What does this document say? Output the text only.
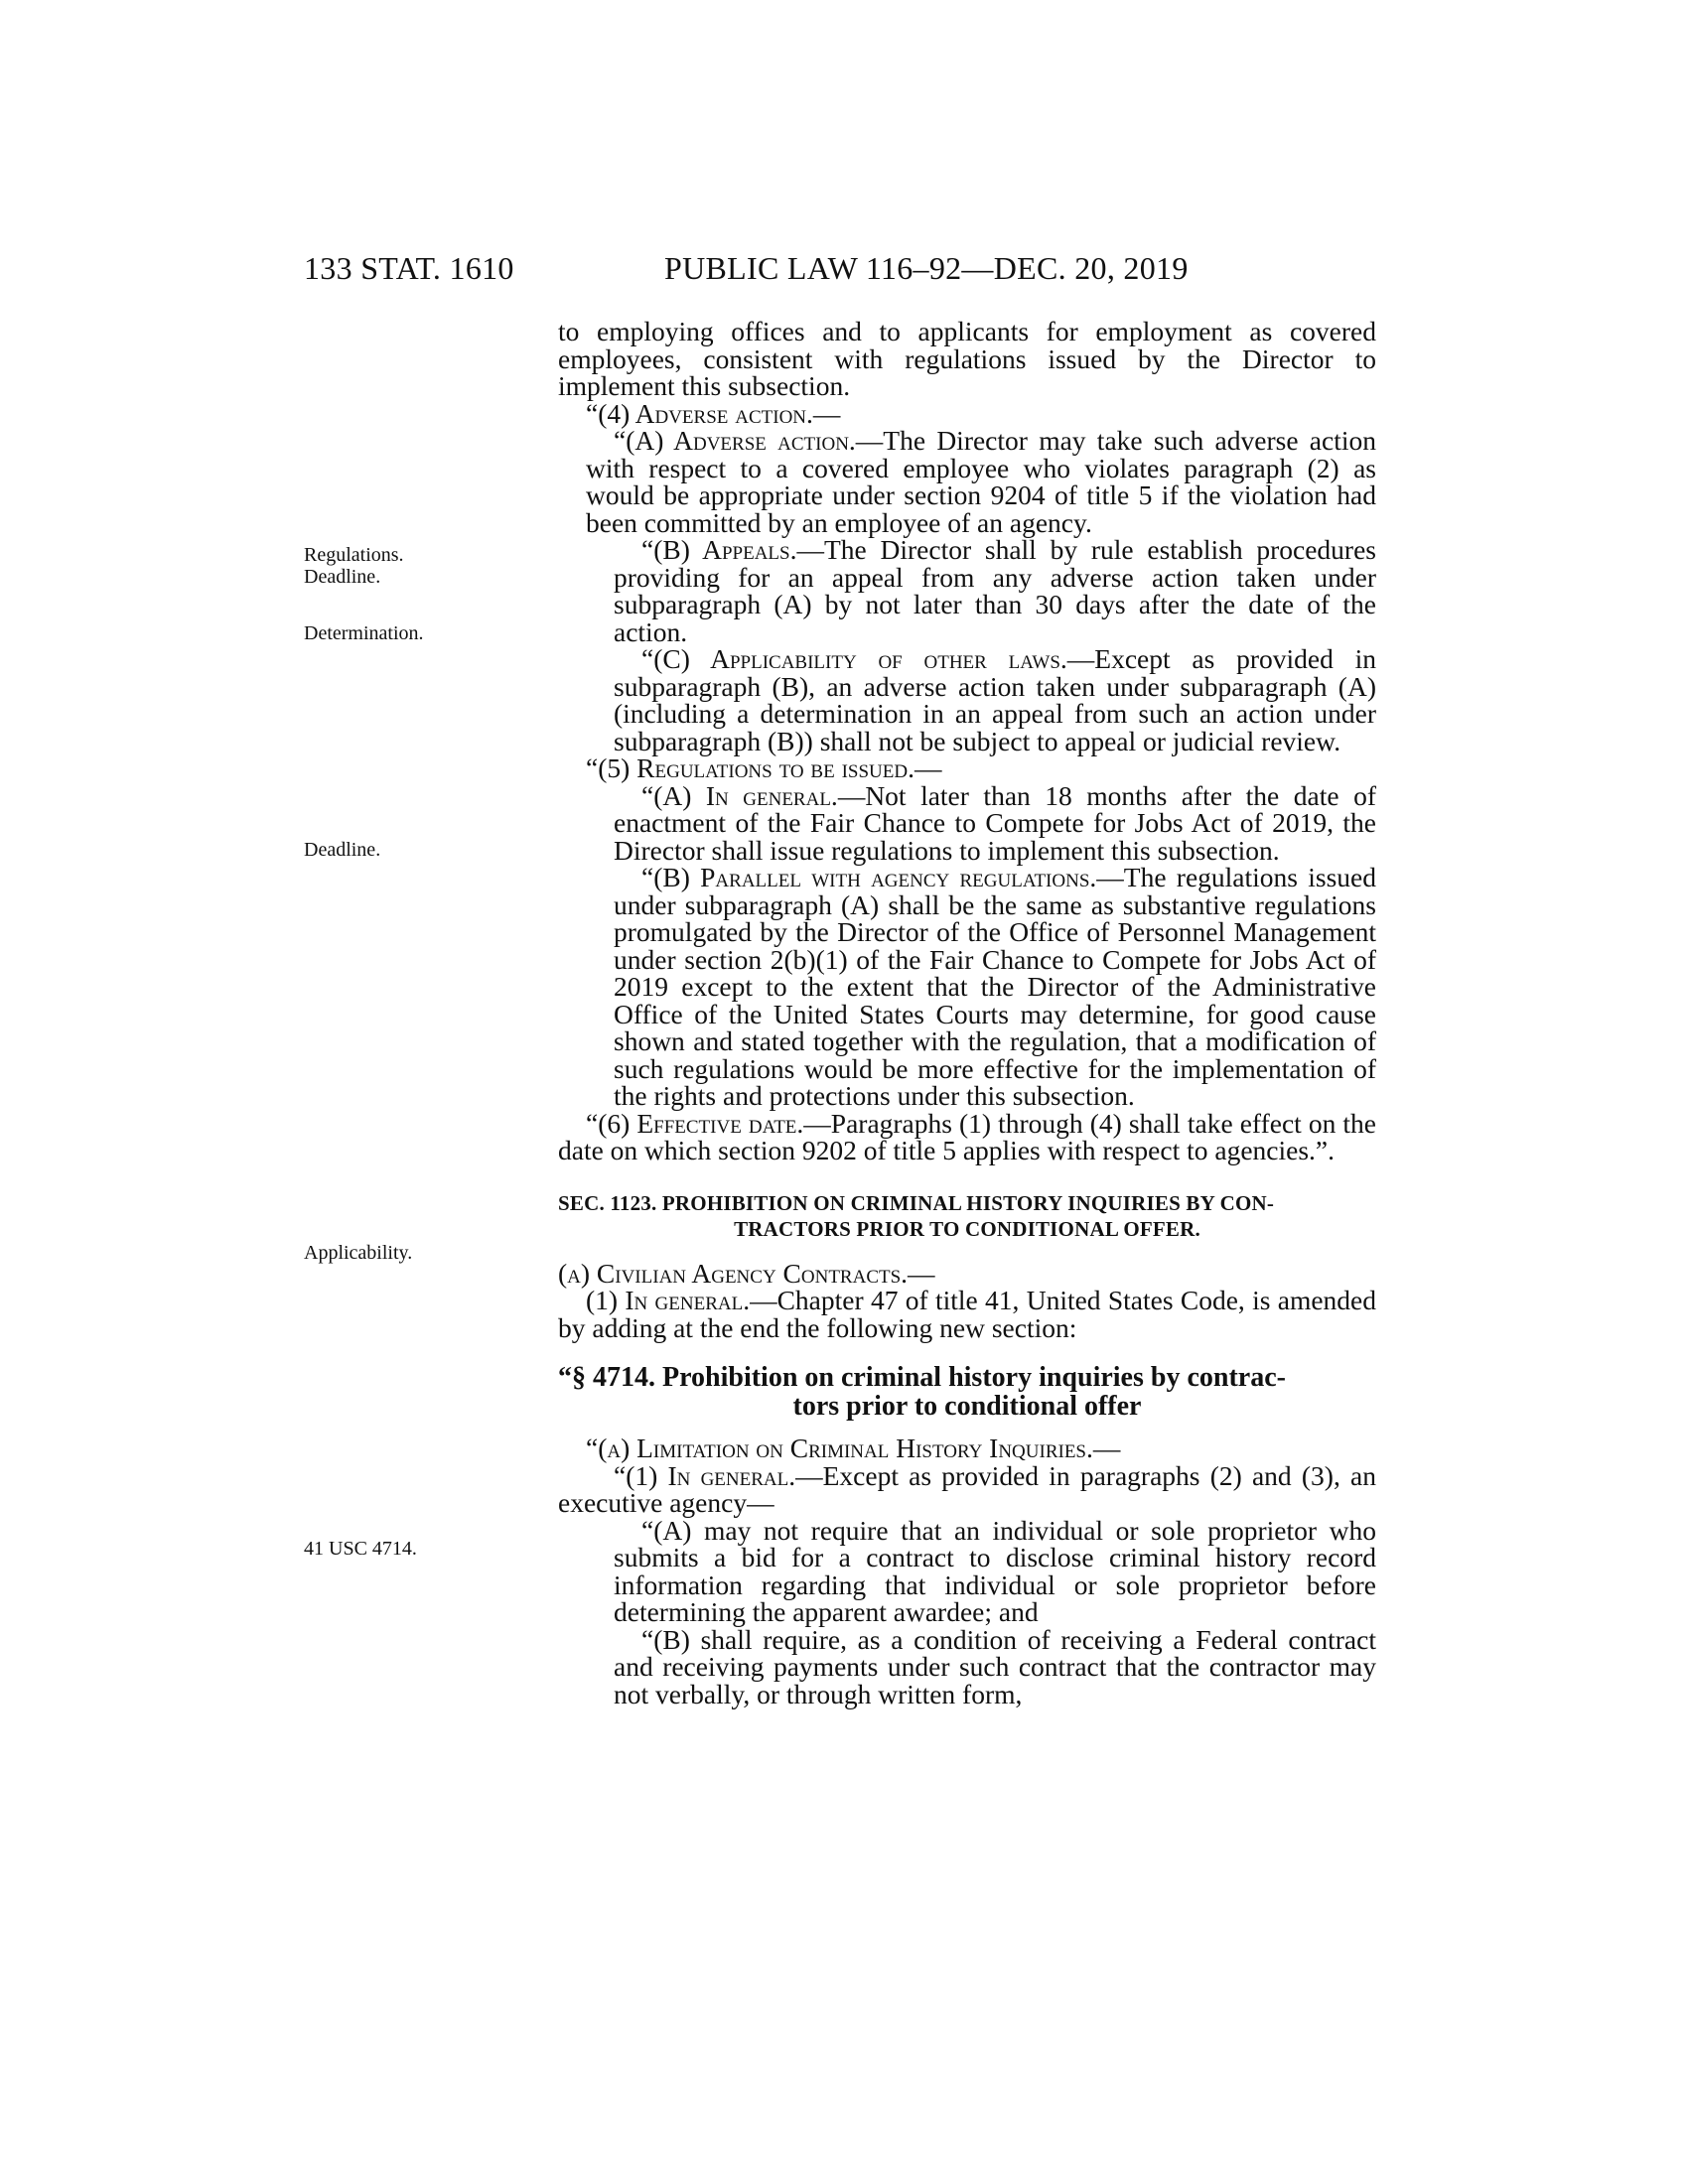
133 STAT. 1610	PUBLIC LAW 116–92—DEC. 20, 2019
Regulations.
Deadline.
Determination.
Deadline.
Applicability.
41 USC 4714.

to employing offices and to applicants for employment as covered employees, consistent with regulations issued by the Director to implement this subsection.

“(4) Adverse action.—

“(A) Adverse action.—The Director may take such adverse action with respect to a covered employee who violates paragraph (2) as would be appropriate under section 9204 of title 5 if the violation had been committed by an employee of an agency.

“(B) Appeals.—The Director shall by rule establish procedures providing for an appeal from any adverse action taken under subparagraph (A) by not later than 30 days after the date of the action.

“(C) Applicability of other laws.—Except as provided in subparagraph (B), an adverse action taken under subparagraph (A) (including a determination in an appeal from such an action under subparagraph (B)) shall not be subject to appeal or judicial review.

“(5) Regulations to be issued.—

“(A) In general.—Not later than 18 months after the date of enactment of the Fair Chance to Compete for Jobs Act of 2019, the Director shall issue regulations to implement this subsection.

“(B) Parallel with agency regulations.—The regulations issued under subparagraph (A) shall be the same as substantive regulations promulgated by the Director of the Office of Personnel Management under section 2(b)(1) of the Fair Chance to Compete for Jobs Act of 2019 except to the extent that the Director of the Administrative Office of the United States Courts may determine, for good cause shown and stated together with the regulation, that a modification of such regulations would be more effective for the implementation of the rights and protections under this subsection.

“(6) Effective date.—Paragraphs (1) through (4) shall take effect on the date on which section 9202 of title 5 applies with respect to agencies.”.

SEC. 1123. PROHIBITION ON CRIMINAL HISTORY INQUIRIES BY CON-
TRACTORS PRIOR TO CONDITIONAL OFFER.

(a) Civilian Agency Contracts.—

(1) In general.—Chapter 47 of title 41, United States Code, is amended by adding at the end the following new section:

“§ 4714. Prohibition on criminal history inquiries by contrac-
tors prior to conditional offer

“(a) Limitation on Criminal History Inquiries.—

“(1) In general.—Except as provided in paragraphs (2) and (3), an executive agency—

“(A) may not require that an individual or sole proprietor who submits a bid for a contract to disclose criminal history record information regarding that individual or sole proprietor before determining the apparent awardee; and

“(B) shall require, as a condition of receiving a Federal contract and receiving payments under such contract that the contractor may not verbally, or through written form,
